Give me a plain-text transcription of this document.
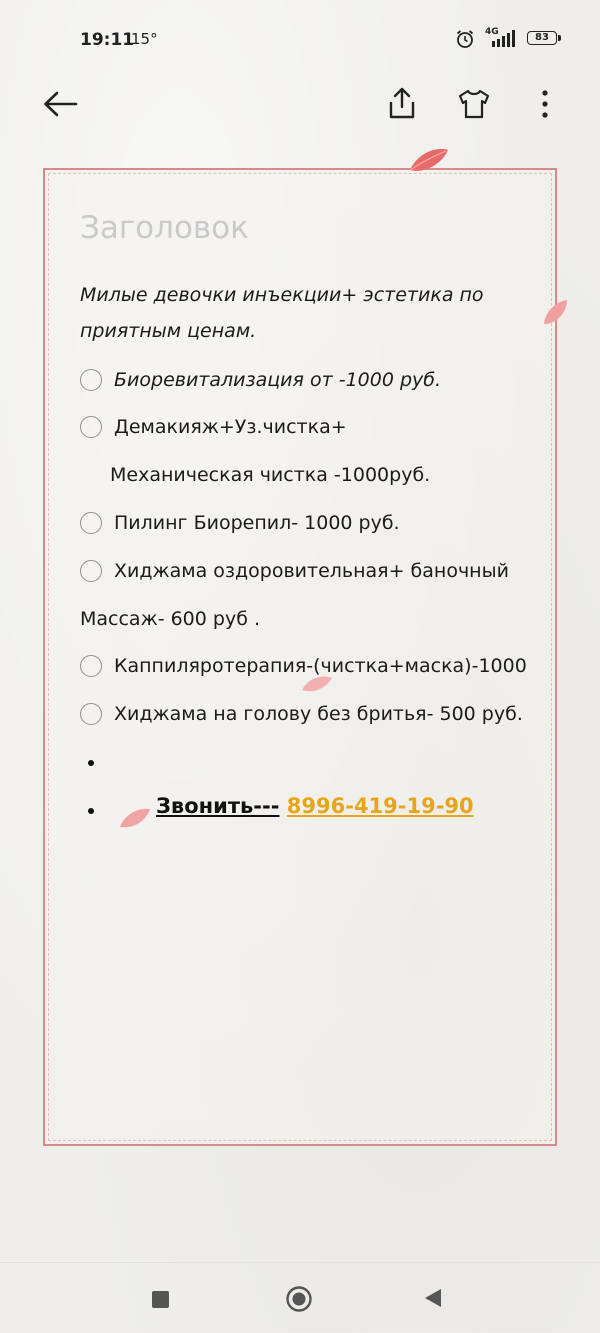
19:11
15°	4G	83
Заголовок
Милые девочки инъекции+ эстетика по
приятным ценам.
Биоревитализация от -1000 руб.
Демакияж+Уз.чистка+
Механическая чистка -1000руб.
Пилинг Биорепил- 1000 руб.
Хиджама оздоровительная+ баночный
Массаж- 600 руб .
Каппиляротерапия-(чистка+маска)-1000
Хиджама на голову без бритья- 500 руб.
Звонить--- 8996-419-19-90
